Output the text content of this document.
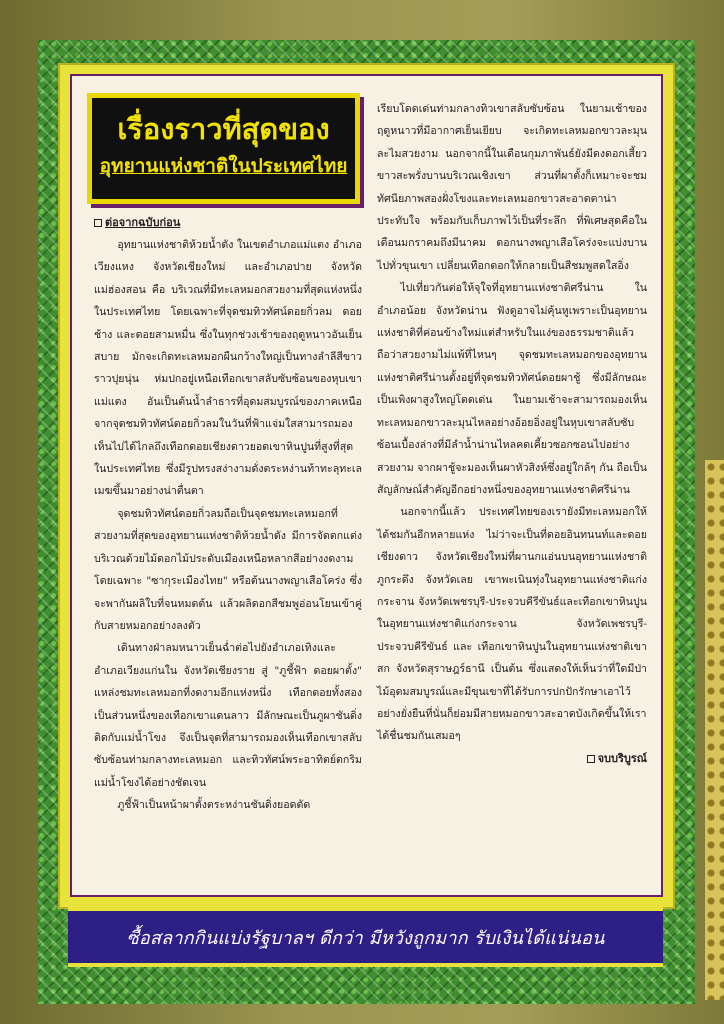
เรื่องราวที่สุดของ
อุทยานแห่งชาติในประเทศไทย
ต่อจากฉบับก่อน

อุทยานแห่งชาติห้วยน้ำดัง ในเขตอำเภอแม่แตง อำเภอเวียงแหง จังหวัดเชียงใหม่ และอำเภอปาย จังหวัดแม่ฮ่องสอน คือ บริเวณที่มีทะเลหมอกสวยงามที่สุดแห่งหนึ่งในประเทศไทย โดยเฉพาะที่จุดชมทิวทัศน์ดอยกิ่วลม ดอยช้าง และดอยสามหมื่น ซึ่งในทุกช่วงเช้าของฤดูหนาวอันเย็นสบาย มักจะเกิดทะเลหมอกผืนกว้างใหญ่เป็นทางลำลีสีขาวราวปุยนุ่น ห่มปกอยู่เหนือเทือกเขาสลับซับซ้อนของหุบเขาแม่แตง อันเป็นต้นน้ำลำธารที่อุดมสมบูรณ์ของภาคเหนือ จากจุดชมทิวทัศน์ดอยกิ่วลมในวันที่ฟ้าแจ่มใสสามารถมองเห็นไปได้ไกลถึงเทือกดอยเชียงดาวยอดเขาหินปูนที่สูงที่สุดในประเทศไทย ซึ่งมีรูปทรงสง่างามดั่งตระหง่านท้าทะลุทะเลเมฆขึ้นมาอย่างน่าตื่นตา

จุดชมทิวทัศน์ดอยกิ่วลมถือเป็นจุดชมทะเลหมอกที่สวยงามที่สุดของอุทยานแห่งชาติห้วยน้ำดัง มีการจัดตกแต่งบริเวณด้วยไม้ดอกไม้ประดับเมืองเหนือหลากสีอย่างงดงาม โดยเฉพาะ "ซากุระเมืองไทย" หรือต้นนางพญาเสือโคร่ง ซึ่งจะพากันผลิใบที่จนหมดต้น แล้วผลิดอกสีชมพูอ่อนโยนเข้าคู่กับสายหมอกอย่างลงตัว

เดินทางฝ่าลมหนาวเย็นฉ่ำต่อไปยังอำเภอเทิงและอำเภอเวียงแก่นใน จังหวัดเชียงราย สู่ "ภูชี้ฟ้า ดอยผาตั้ง" แหล่งชมทะเลหมอกที่งดงามอีกแห่งหนึ่ง เทือกดอยทั้งสองเป็นส่วนหนึ่งของเทือกเขาแดนลาว มีลักษณะเป็นภูผาชันดิ่งติดกับแม่น้ำโขง จึงเป็นจุดที่สามารถมองเห็นเทือกเขาสลับซับซ้อนท่ามกลางทะเลหมอก และทิวทัศน์พระอาทิตย์ตกริมแม่น้ำโขงได้อย่างชัดเจน

ภูชี้ฟ้าเป็นหน้าผาตั้งตระหง่านชันดิ่งยอดตัด

เรียบโดดเด่นท่ามกลางทิวเขาสลับซับซ้อน ในยามเช้าของฤดูหนาวที่มีอากาศเย็นเยียบ จะเกิดทะเลหมอกขาวละมุนละไมสวยงาม นอกจากนี้ในเดือนกุมภาพันธ์ยังมีดงดอกเสี้ยวขาวสะพรั่งบานบริเวณเชิงเขา ส่วนที่ผาตั้งก็เหมาะจะชมทัศนียภาพสองฝั่งโขงและทะเลหมอกขาวสะอาดตาน่าประทับใจ พร้อมกับเก็บภาพไว้เป็นที่ระลึก ที่พิเศษสุดคือในเดือนมกราคมถึงมีนาคม ดอกนางพญาเสือโคร่งจะแบ่งบานไปทั่วขุนเขา เปลี่ยนเทือกดอกให้กลายเป็นสีชมพูสดใสอิ่ง

ไปเที่ยวกันต่อให้จุใจที่อุทยานแห่งชาติศรีน่าน ในอำเภอน้อย จังหวัดน่าน ฟังดูอาจไม่คุ้นหูเพราะเป็นอุทยานแห่งชาติที่ค่อนข้างใหม่แต่สำหรับในแง่ของธรรมชาติแล้วถือว่าสวยงามไม่แพ้ที่ไหนๆ จุดชมทะเลหมอกของอุทยานแห่งชาติศรีน่านตั้งอยู่ที่จุดชมทิวทัศน์ดอยผาชู้ ซึ่งมีลักษณะเป็นเพิงผาสูงใหญ่โดดเด่น ในยามเช้าจะสามารถมองเห็นทะเลหมอกขาวละมุนไหลอย่างอ้อยอิ่งอยู่ในหุบเขาสลับซับซ้อนเบื้องล่างที่มีลำน้ำน่านไหลคดเคี้ยวซอกซอนไปอย่างสวยงาม จากผาชู้จะมองเห็นผาหัวสิงห์ซึ่งอยู่ใกล้ๆ กัน ถือเป็นสัญลักษณ์สำคัญอีกอย่างหนึ่งของอุทยานแห่งชาติศรีน่าน

นอกจากนี้แล้ว ประเทศไทยของเรายังมีทะเลหมอกให้ได้ชมกันอีกหลายแห่ง ไม่ว่าจะเป็นที่ดอยอินทนนท์และดอยเชียงดาว จังหวัดเชียงใหม่ที่ผานกแอ่นบนอุทยานแห่งชาติภูกระดึง จังหวัดเลย เขาพะเนินทุ่งในอุทยานแห่งชาติแก่งกระจาน จังหวัดเพชรบุรี-ประจวบคีรีขันธ์และเทือกเขาหินปูนในอุทยานแห่งชาติแก่งกระจาน จังหวัดเพชรบุรี-ประจวบคีรีขันธ์ และ เทือกเขาหินปูนในอุทยานแห่งชาติเขาสก จังหวัดสุราษฎร์ธานี เป็นต้น ซึ่งแสดงให้เห็นว่าที่ใดมีป่าไม้อุดมสมบูรณ์และมีขุนเขาที่ได้รับการปกปักรักษาเอาไว้อย่างยั่งยืนที่นั่นก็ย่อมมีสายหมอกขาวสะอาดบังเกิดขึ้นให้เราได้ชื่นชมกันเสมอๆ

จบบริบูรณ์
ซื้อสลากกินแบ่งรัฐบาลฯ ดีกว่า มีหวังถูกมาก รับเงินได้แน่นอน
